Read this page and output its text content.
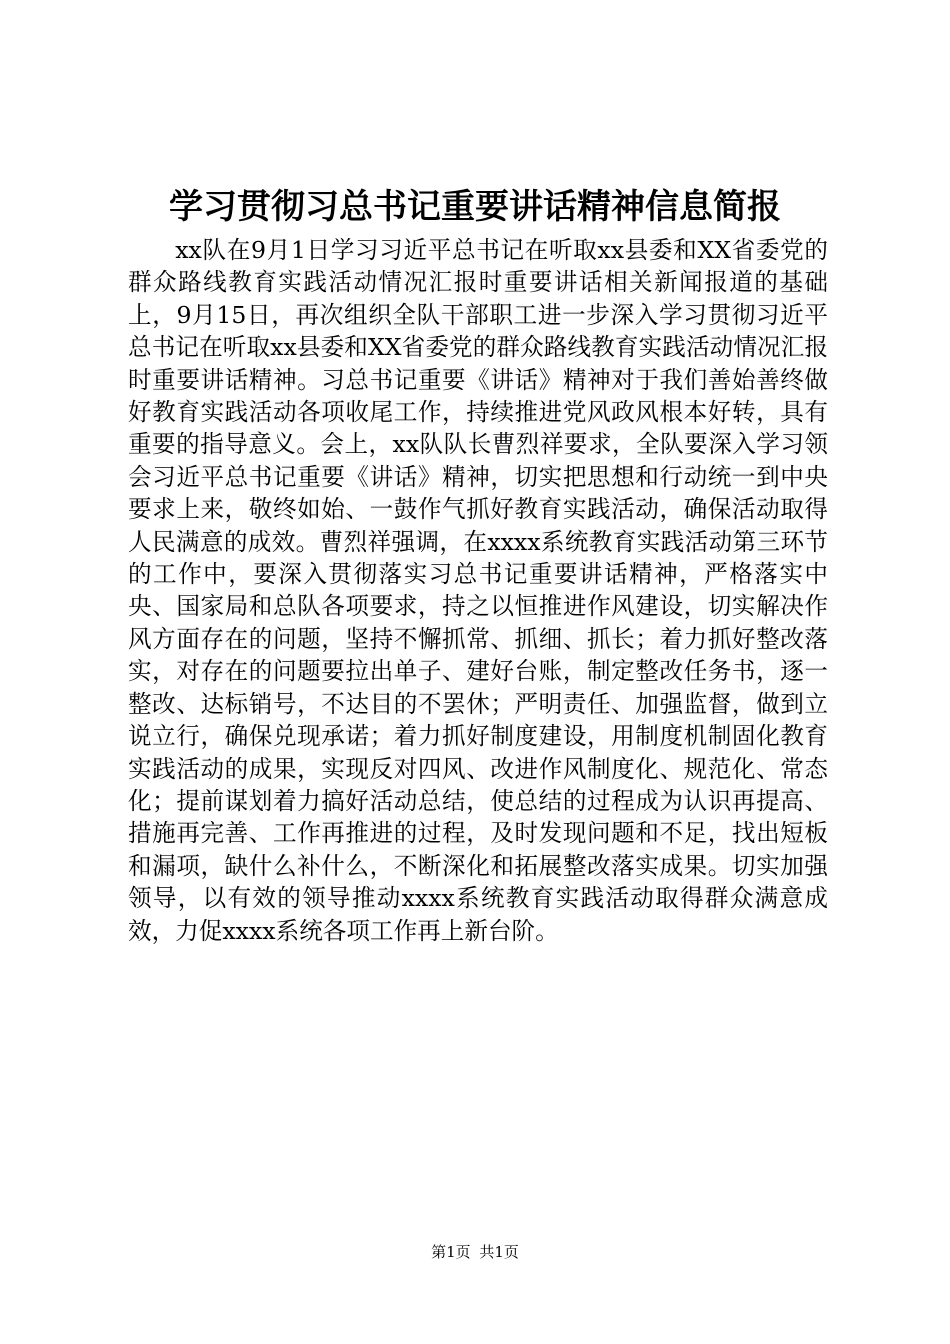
学习贯彻习总书记重要讲话精神信息简报

xx队在9月1日学习习近平总书记在听取xx县委和XX省委党的群众路线教育实践活动情况汇报时重要讲话相关新闻报道的基础上，9月15日，再次组织全队干部职工进一步深入学习贯彻习近平总书记在听取xx县委和XX省委党的群众路线教育实践活动情况汇报时重要讲话精神。习总书记重要《讲话》精神对于我们善始善终做好教育实践活动各项收尾工作，持续推进党风政风根本好转，具有重要的指导意义。会上，xx队队长曹烈祥要求，全队要深入学习领会习近平总书记重要《讲话》精神，切实把思想和行动统一到中央要求上来，敬终如始、一鼓作气抓好教育实践活动，确保活动取得人民满意的成效。曹烈祥强调，在xxxx系统教育实践活动第三环节的工作中，要深入贯彻落实习总书记重要讲话精神，严格落实中央、国家局和总队各项要求，持之以恒推进作风建设，切实解决作风方面存在的问题，坚持不懈抓常、抓细、抓长；着力抓好整改落实，对存在的问题要拉出单子、建好台账，制定整改任务书，逐一整改、达标销号，不达目的不罢休；严明责任、加强监督，做到立说立行，确保兑现承诺；着力抓好制度建设，用制度机制固化教育实践活动的成果，实现反对四风、改进作风制度化、规范化、常态化；提前谋划着力搞好活动总结，使总结的过程成为认识再提高、措施再完善、工作再推进的过程，及时发现问题和不足，找出短板和漏项，缺什么补什么，不断深化和拓展整改落实成果。切实加强领导，以有效的领导推动xxxx系统教育实践活动取得群众满意成效，力促xxxx系统各项工作再上新台阶。

第1页 共1页
